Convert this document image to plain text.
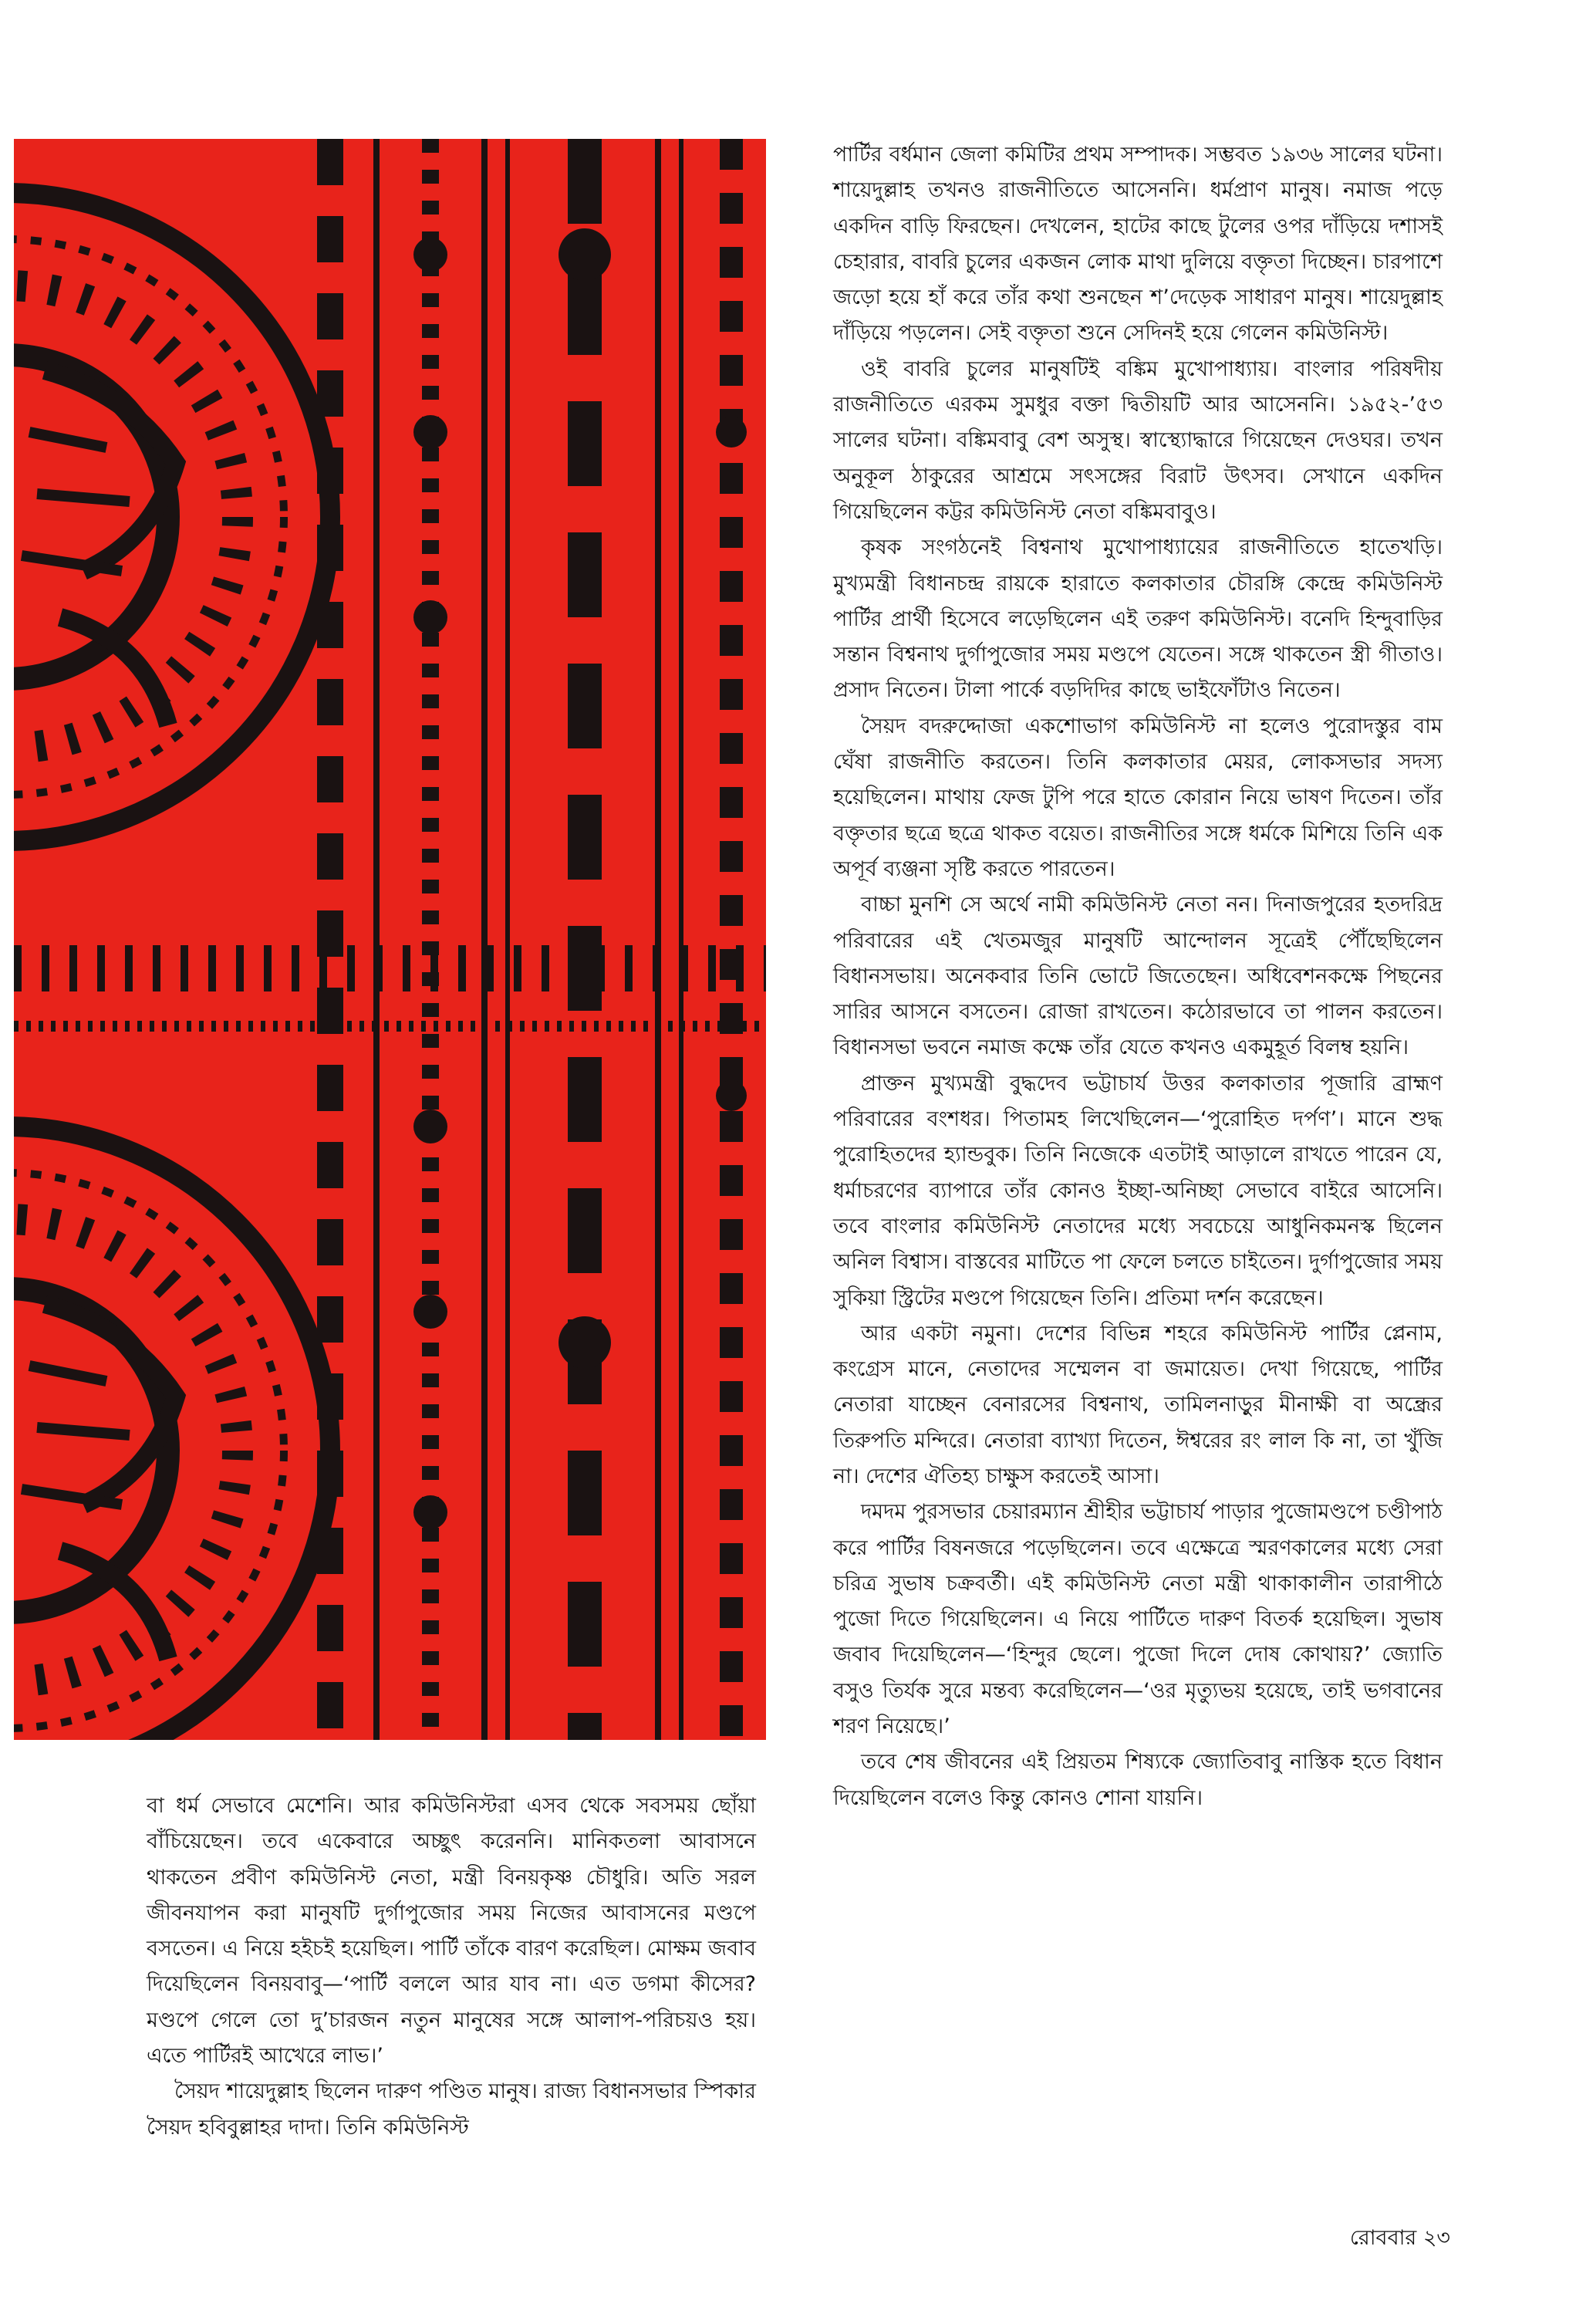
বা ধর্ম সেভাবে মেশেনি। আর কমিউনিস্টরা এসব থেকে সবসময় ছোঁয়া বাঁচিয়েছেন। তবে একেবারে অচ্ছুৎ করেননি। মানিকতলা আবাসনে থাকতেন প্রবীণ কমিউনিস্ট নেতা, মন্ত্রী বিনয়কৃষ্ণ চৌধুরি। অতি সরল জীবনযাপন করা মানুষটি দুর্গাপুজোর সময় নিজের আবাসনের মণ্ডপে বসতেন। এ নিয়ে হইচই হয়েছিল। পার্টি তাঁকে বারণ করেছিল। মোক্ষম জবাব দিয়েছিলেন বিনয়বাবু—‘পার্টি বললে আর যাব না। এত ডগমা কীসের? মণ্ডপে গেলে তো দু’চারজন নতুন মানুষের সঙ্গে আলাপ-পরিচয়ও হয়। এতে পার্টিরই আখেরে লাভ।’

সৈয়দ শায়েদুল্লাহ ছিলেন দারুণ পণ্ডিত মানুষ। রাজ্য বিধানসভার স্পিকার সৈয়দ হবিবুল্লাহর দাদা। তিনি কমিউনিস্ট

পার্টির বর্ধমান জেলা কমিটির প্রথম সম্পাদক। সম্ভবত ১৯৩৬ সালের ঘটনা। শায়েদুল্লাহ তখনও রাজনীতিতে আসেননি। ধর্মপ্রাণ মানুষ। নমাজ পড়ে একদিন বাড়ি ফিরছেন। দেখলেন, হাটের কাছে টুলের ওপর দাঁড়িয়ে দশাসই চেহারার, বাবরি চুলের একজন লোক মাথা দুলিয়ে বক্তৃতা দিচ্ছেন। চারপাশে জড়ো হয়ে হাঁ করে তাঁর কথা শুনছেন শ’দেড়েক সাধারণ মানুষ। শায়েদুল্লাহ দাঁড়িয়ে পড়লেন। সেই বক্তৃতা শুনে সেদিনই হয়ে গেলেন কমিউনিস্ট।

ওই বাবরি চুলের মানুষটিই বঙ্কিম মুখোপাধ্যায়। বাংলার পরিষদীয় রাজনীতিতে এরকম সুমধুর বক্তা দ্বিতীয়টি আর আসেননি। ১৯৫২-’৫৩ সালের ঘটনা। বঙ্কিমবাবু বেশ অসুস্থ। স্বাস্থ্যোদ্ধারে গিয়েছেন দেওঘর। তখন অনুকূল ঠাকুরের আশ্রমে সৎসঙ্গের বিরাট উৎসব। সেখানে একদিন গিয়েছিলেন কট্টর কমিউনিস্ট নেতা বঙ্কিমবাবুও।

কৃষক সংগঠনেই বিশ্বনাথ মুখোপাধ্যায়ের রাজনীতিতে হাতেখড়ি। মুখ্যমন্ত্রী বিধানচন্দ্র রায়কে হারাতে কলকাতার চৌরঙ্গি কেন্দ্রে কমিউনিস্ট পার্টির প্রার্থী হিসেবে লড়েছিলেন এই তরুণ কমিউনিস্ট। বনেদি হিন্দুবাড়ির সন্তান বিশ্বনাথ দুর্গাপুজোর সময় মণ্ডপে যেতেন। সঙ্গে থাকতেন স্ত্রী গীতাও। প্রসাদ নিতেন। টালা পার্কে বড়দিদির কাছে ভাইফোঁটাও নিতেন।

সৈয়দ বদরুদ্দোজা একশোভাগ কমিউনিস্ট না হলেও পুরোদস্তুর বাম ঘেঁষা রাজনীতি করতেন। তিনি কলকাতার মেয়র, লোকসভার সদস্য হয়েছিলেন। মাথায় ফেজ টুপি পরে হাতে কোরান নিয়ে ভাষণ দিতেন। তাঁর বক্তৃতার ছত্রে ছত্রে থাকত বয়েত। রাজনীতির সঙ্গে ধর্মকে মিশিয়ে তিনি এক অপূর্ব ব্যঞ্জনা সৃষ্টি করতে পারতেন।

বাচ্চা মুনশি সে অর্থে নামী কমিউনিস্ট নেতা নন। দিনাজপুরের হতদরিদ্র পরিবারের এই খেতমজুর মানুষটি আন্দোলন সূত্রেই পৌঁছেছিলেন বিধানসভায়। অনেকবার তিনি ভোটে জিতেছেন। অধিবেশনকক্ষে পিছনের সারির আসনে বসতেন। রোজা রাখতেন। কঠোরভাবে তা পালন করতেন। বিধানসভা ভবনে নমাজ কক্ষে তাঁর যেতে কখনও একমুহূর্ত বিলম্ব হয়নি।

প্রাক্তন মুখ্যমন্ত্রী বুদ্ধদেব ভট্টাচার্য উত্তর কলকাতার পূজারি ব্রাহ্মণ পরিবারের বংশধর। পিতামহ লিখেছিলেন—‘পুরোহিত দর্পণ’। মানে শুদ্ধ পুরোহিতদের হ্যান্ডবুক। তিনি নিজেকে এতটাই আড়ালে রাখতে পারেন যে, ধর্মাচরণের ব্যাপারে তাঁর কোনও ইচ্ছা-অনিচ্ছা সেভাবে বাইরে আসেনি। তবে বাংলার কমিউনিস্ট নেতাদের মধ্যে সবচেয়ে আধুনিকমনস্ক ছিলেন অনিল বিশ্বাস। বাস্তবের মাটিতে পা ফেলে চলতে চাইতেন। দুর্গাপুজোর সময় সুকিয়া স্ট্রিটের মণ্ডপে গিয়েছেন তিনি। প্রতিমা দর্শন করেছেন।

আর একটা নমুনা। দেশের বিভিন্ন শহরে কমিউনিস্ট পার্টির প্লেনাম, কংগ্রেস মানে, নেতাদের সম্মেলন বা জমায়েত। দেখা গিয়েছে, পার্টির নেতারা যাচ্ছেন বেনারসের বিশ্বনাথ, তামিলনাড়ুর মীনাক্ষী বা অন্ধ্রের তিরুপতি মন্দিরে। নেতারা ব্যাখ্যা দিতেন, ঈশ্বরের রং লাল কি না, তা খুঁজি না। দেশের ঐতিহ্য চাক্ষুস করতেই আসা।

দমদম পুরসভার চেয়ারম্যান শ্রীহীর ভট্টাচার্য পাড়ার পুজোমণ্ডপে চণ্ডীপাঠ করে পার্টির বিষনজরে পড়েছিলেন। তবে এক্ষেত্রে স্মরণকালের মধ্যে সেরা চরিত্র সুভাষ চক্রবর্তী। এই কমিউনিস্ট নেতা মন্ত্রী থাকাকালীন তারাপীঠে পুজো দিতে গিয়েছিলেন। এ নিয়ে পার্টিতে দারুণ বিতর্ক হয়েছিল। সুভাষ জবাব দিয়েছিলেন—‘হিন্দুর ছেলে। পুজো দিলে দোষ কোথায়?’ জ্যোতি বসুও তির্যক সুরে মন্তব্য করেছিলেন—‘ওর মৃত্যুভয় হয়েছে, তাই ভগবানের শরণ নিয়েছে।’

তবে শেষ জীবনের এই প্রিয়তম শিষ্যকে জ্যোতিবাবু নাস্তিক হতে বিধান দিয়েছিলেন বলেও কিন্তু কোনও শোনা যায়নি।

রোববার ২৩
